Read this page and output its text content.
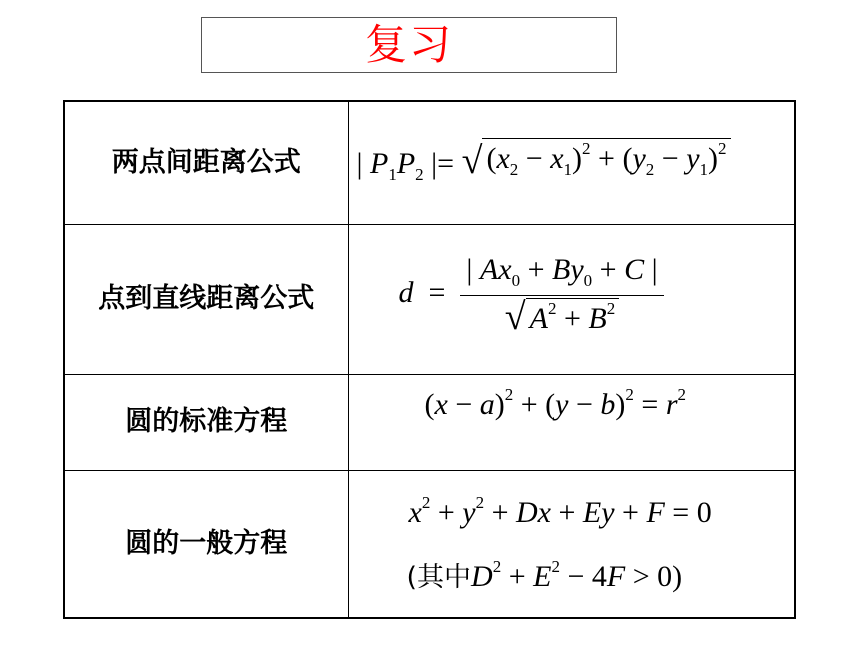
复习
两点间距离公式	| $P_1P_2$ |= √ $(x_2 - x_1)^2 + (y_2 - y_1)^2$

点到直线距离公式	$d = \frac{| Ax_0 + By_0 + C |}{√ A^2 + B^2}$

圆的标准方程	$(x - a)^2 + (y - b)^2 = r^2$

圆的一般方程	$x^2 + y^2 + Dx + Ey + F = 0$
(其中$D^2 + E^2 - 4F > 0$)
